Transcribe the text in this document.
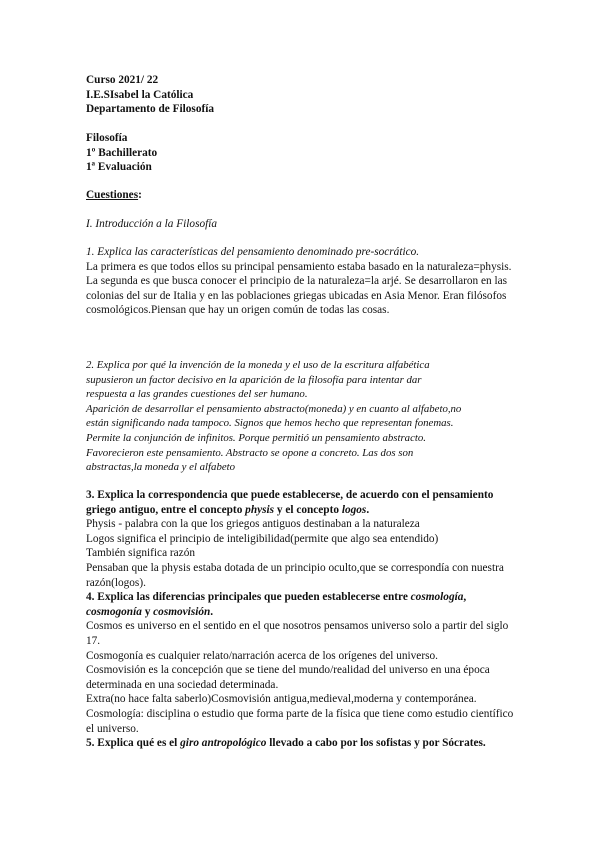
Curso 2021/ 22
I.E.SIsabel la Católica
Departamento de Filosofía
Filosofía
1º Bachillerato
1ª Evaluación
Cuestiones:
I. Introducción a la Filosofía

1. Explica las características del pensamiento denominado pre-socrático.

La primera es que todos ellos su principal pensamiento estaba basado en la naturaleza=physis. La segunda es que busca conocer el principio de la naturaleza=la arjé. Se desarrollaron en las colonias del sur de Italia y en las poblaciones griegas ubicadas en Asia Menor. Eran filósofos cosmológicos.Piensan que hay un origen común de todas las cosas.

2. Explica por qué la invención de la moneda y el uso de la escritura alfabética
supusieron un factor decisivo en la aparición de la filosofía para intentar dar
respuesta a las grandes cuestiones del ser humano.
Aparición de desarrollar el pensamiento abstracto(moneda) y en cuanto al alfabeto,no
están significando nada tampoco. Signos que hemos hecho que representan fonemas.
Permite la conjunción de infinitos. Porque permitió un pensamiento abstracto.
Favorecieron este pensamiento. Abstracto se opone a concreto. Las dos son
abstractas,la moneda y el alfabeto

3. Explica la correspondencia que puede establecerse, de acuerdo con el pensamiento griego antiguo, entre el concepto physis y el concepto logos.

Physis - palabra con la que los griegos antiguos destinaban a la naturaleza

Logos significa el principio de inteligibilidad(permite que algo sea entendido)

También significa razón

Pensaban que la physis estaba dotada de un principio oculto,que se correspondía con nuestra razón(logos).

4. Explica las diferencias principales que pueden establecerse entre cosmología, cosmogonía y cosmovisión.

Cosmos es universo en el sentido en el que nosotros pensamos universo solo a partir del siglo 17.

Cosmogonía es cualquier relato/narración acerca de los orígenes del universo.

Cosmovisión es la concepción que se tiene del mundo/realidad del universo en una época determinada en una sociedad determinada.

Extra(no hace falta saberlo)Cosmovisión antigua,medieval,moderna y contemporánea.

Cosmología: disciplina o estudio que forma parte de la física que tiene como estudio científico el universo.

5. Explica qué es el giro antropológico llevado a cabo por los sofistas y por Sócrates.
